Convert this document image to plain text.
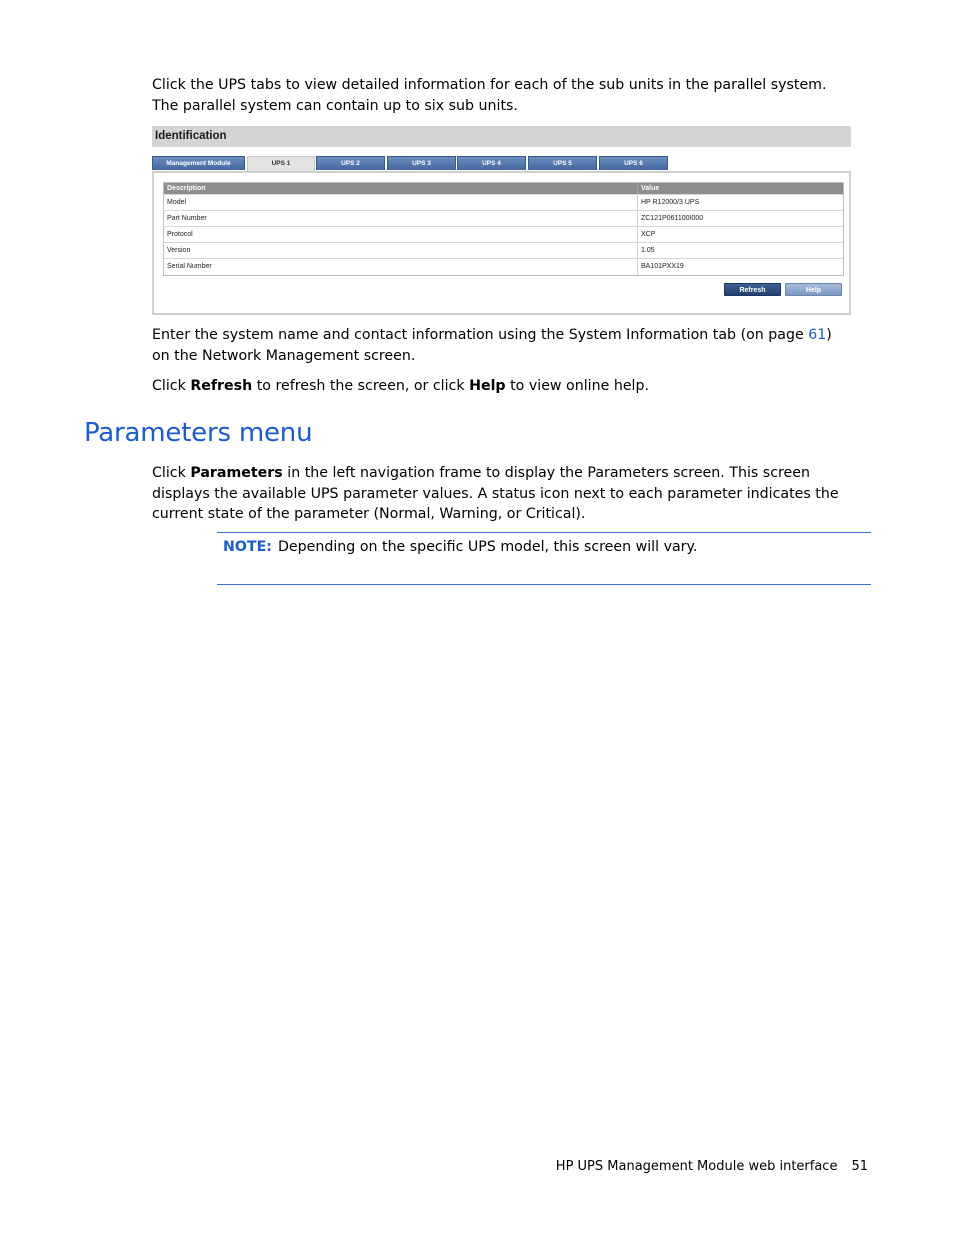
Click the UPS tabs to view detailed information for each of the sub units in the parallel system. The parallel system can contain up to six sub units.

Identification
Management Module	UPS 1	UPS 2	UPS 3	UPS 4	UPS 5	UPS 6
Description	Value
Model	HP R12000/3 UPS
Part Number	ZC121P061100I000
Protocol	XCP
Version	1.05
Serial Number	BA101PXX19
Refresh	Help

Enter the system name and contact information using the System Information tab (on page 61) on the Network Management screen.

Click Refresh to refresh the screen, or click Help to view online help.

Parameters menu

Click Parameters in the left navigation frame to display the Parameters screen. This screen displays the available UPS parameter values. A status icon next to each parameter indicates the current state of the parameter (Normal, Warning, or Critical).

NOTE: Depending on the specific UPS model, this screen will vary.

HP UPS Management Module web interface 51
